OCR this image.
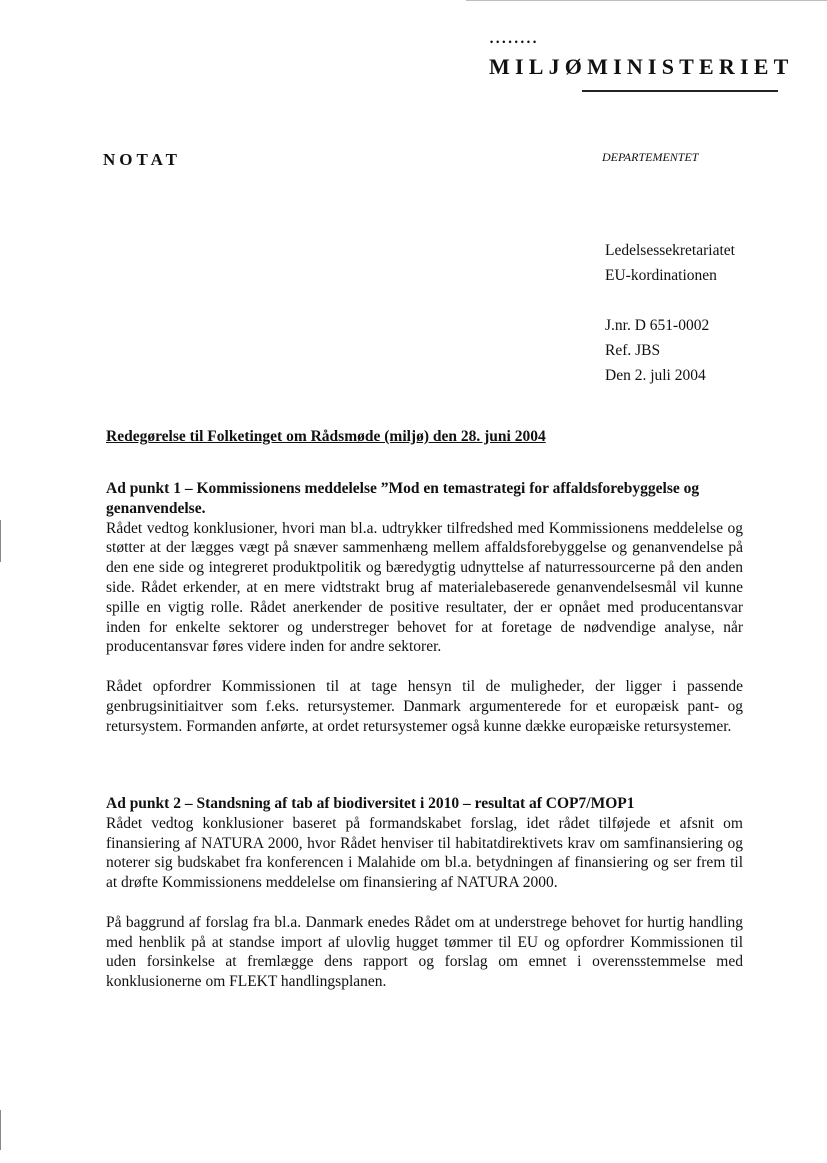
••••••••
MILJØMINISTERIET
NOTAT	DEPARTEMENTET
Ledelsessekretariatet
EU-kordinationen
J.nr. D 651-0002
Ref. JBS
Den 2. juli 2004
Redegørelse til Folketinget om Rådsmøde (miljø) den 28. juni 2004
Ad punkt 1 – Kommissionens meddelelse ”Mod en temastrategi for affaldsforebyggelse og genanvendelse.

Rådet vedtog konklusioner, hvori man bl.a. udtrykker tilfredshed med Kommissionens meddelelse og støtter at der lægges vægt på snæver sammenhæng mellem affaldsforebyggelse og genanvendelse på den ene side og integreret produktpolitik og bæredygtig udnyttelse af naturressourcerne på den anden side. Rådet erkender, at en mere vidtstrakt brug af materialebaserede genanvendelsesmål vil kunne spille en vigtig rolle. Rådet anerkender de positive resultater, der er opnået med producentansvar inden for enkelte sektorer og understreger behovet for at foretage de nødvendige analyse, når producentansvar føres videre inden for andre sektorer.

Rådet opfordrer Kommissionen til at tage hensyn til de muligheder, der ligger i passende genbrugsinitiaitver som f.eks. retursystemer. Danmark argumenterede for et europæisk pant- og retursystem. Formanden anførte, at ordet retursystemer også kunne dække europæiske retursystemer.

Ad punkt 2 – Standsning af tab af biodiversitet i 2010 – resultat af COP7/MOP1

Rådet vedtog konklusioner baseret på formandskabet forslag, idet rådet tilføjede et afsnit om finansiering af NATURA 2000, hvor Rådet henviser til habitatdirektivets krav om samfinansiering og noterer sig budskabet fra konferencen i Malahide om bl.a. betydningen af finansiering og ser frem til at drøfte Kommissionens meddelelse om finansiering af NATURA 2000.

På baggrund af forslag fra bl.a. Danmark enedes Rådet om at understrege behovet for hurtig handling med henblik på at standse import af ulovlig hugget tømmer til EU og opfordrer Kommissionen til uden forsinkelse at fremlægge dens rapport og forslag om emnet i overensstemmelse med konklusionerne om FLEKT handlingsplanen.
